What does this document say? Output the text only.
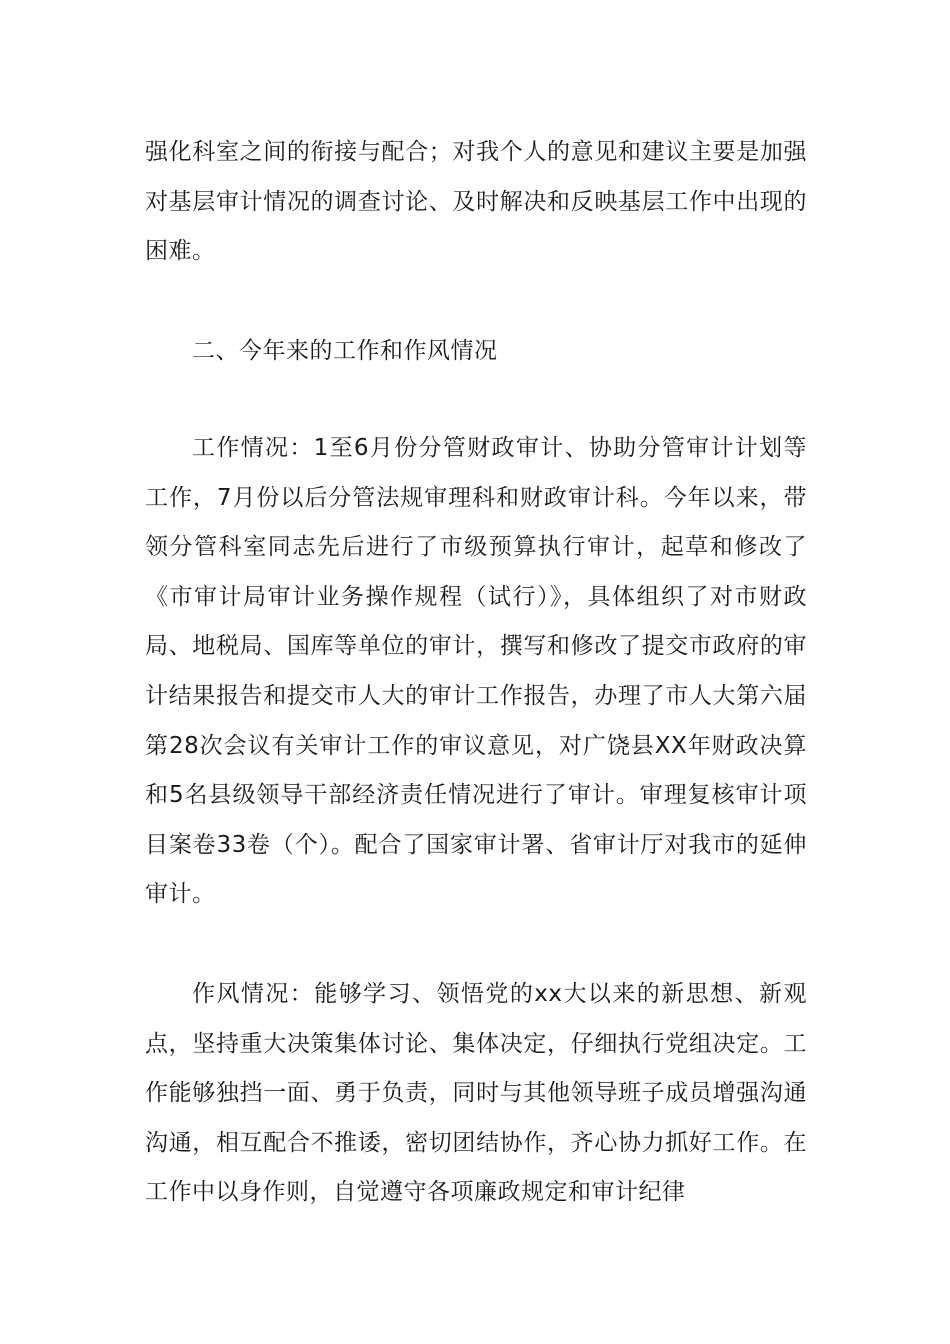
强化科室之间的衔接与配合；对我个人的意见和建议主要是加强对基层审计情况的调查讨论、及时解决和反映基层工作中出现的困难。

二、今年来的工作和作风情况

工作情况：1至6月份分管财政审计、协助分管审计计划等工作，7月份以后分管法规审理科和财政审计科。今年以来，带领分管科室同志先后进行了市级预算执行审计，起草和修改了《市审计局审计业务操作规程（试行）》，具体组织了对市财政局、地税局、国库等单位的审计，撰写和修改了提交市政府的审计结果报告和提交市人大的审计工作报告，办理了市人大第六届第28次会议有关审计工作的审议意见，对广饶县XX年财政决算和5名县级领导干部经济责任情况进行了审计。审理复核审计项目案卷33卷（个）。配合了国家审计署、省审计厅对我市的延伸审计。

作风情况：能够学习、领悟党的xx大以来的新思想、新观点，坚持重大决策集体讨论、集体决定，仔细执行党组决定。工作能够独挡一面、勇于负责，同时与其他领导班子成员增强沟通沟通，相互配合不推诿，密切团结协作，齐心协力抓好工作。在工作中以身作则，自觉遵守各项廉政规定和审计纪律
